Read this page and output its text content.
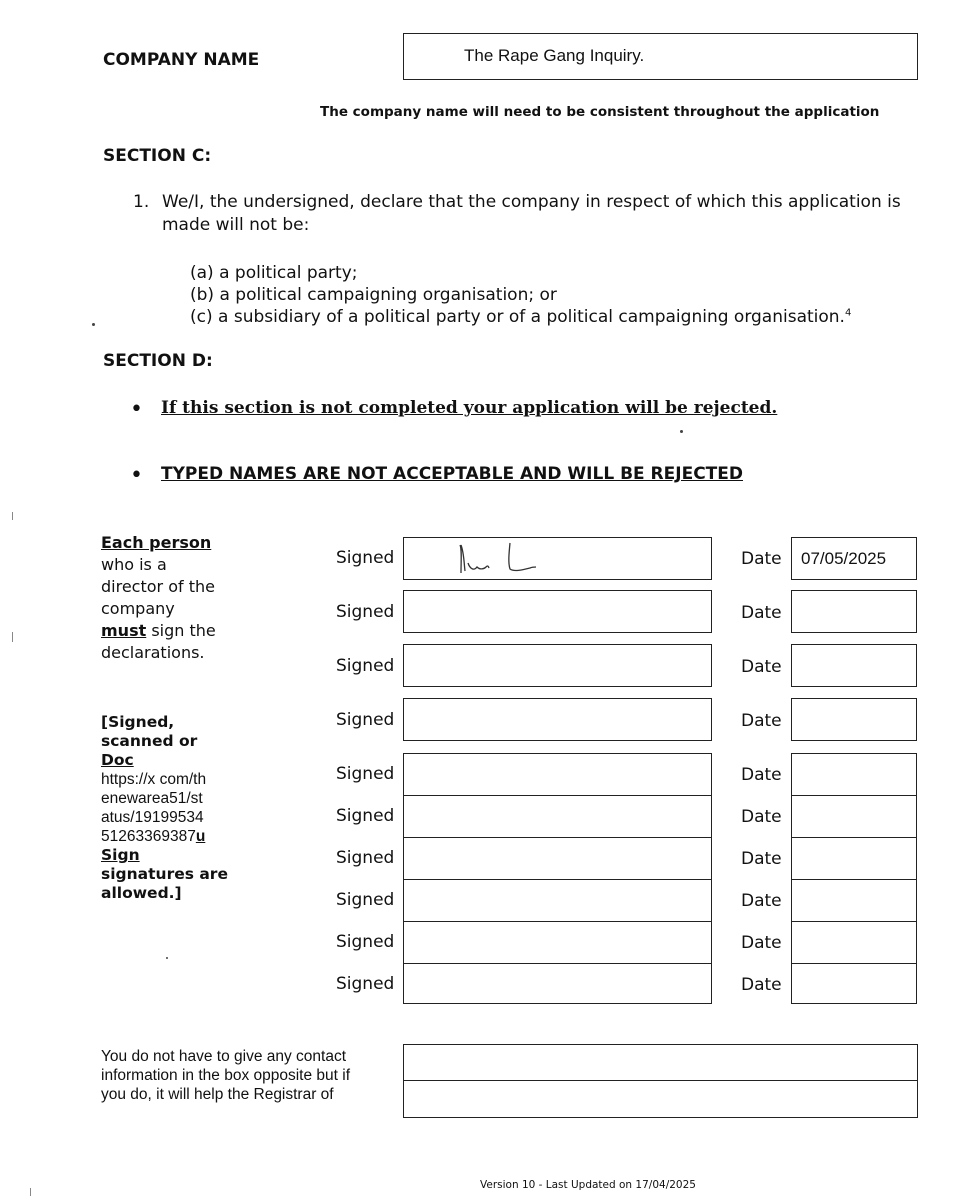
COMPANY NAME	The Rape Gang Inquiry.
The company name will need to be consistent throughout the application
SECTION C:
1. We/I, the undersigned, declare that the company in respect of which this application is
made will not be:
(a) a political party;
(b) a political campaigning organisation; or
(c) a subsidiary of a political party or of a political campaigning organisation.$^4$
SECTION D:
• If this section is not completed your application will be rejected.
• TYPED NAMES ARE NOT ACCEPTABLE AND WILL BE REJECTED
Each person
who is a
director of the
company
must sign the
declarations.
[Signed,
scanned or
Doc
https://x com/th
enewarea51/st
atus/19199534
51263369387u
Sign
signatures are
allowed.]
Signed	Date 07/05/2025
Signed	Date
Signed	Date
Signed	Date
Signed	Date
Signed	Date
Signed	Date
Signed	Date
Signed	Date
Signed	Date
You do not have to give any contact
information in the box opposite but if
you do, it will help the Registrar of
Version 10 - Last Updated on 17/04/2025
